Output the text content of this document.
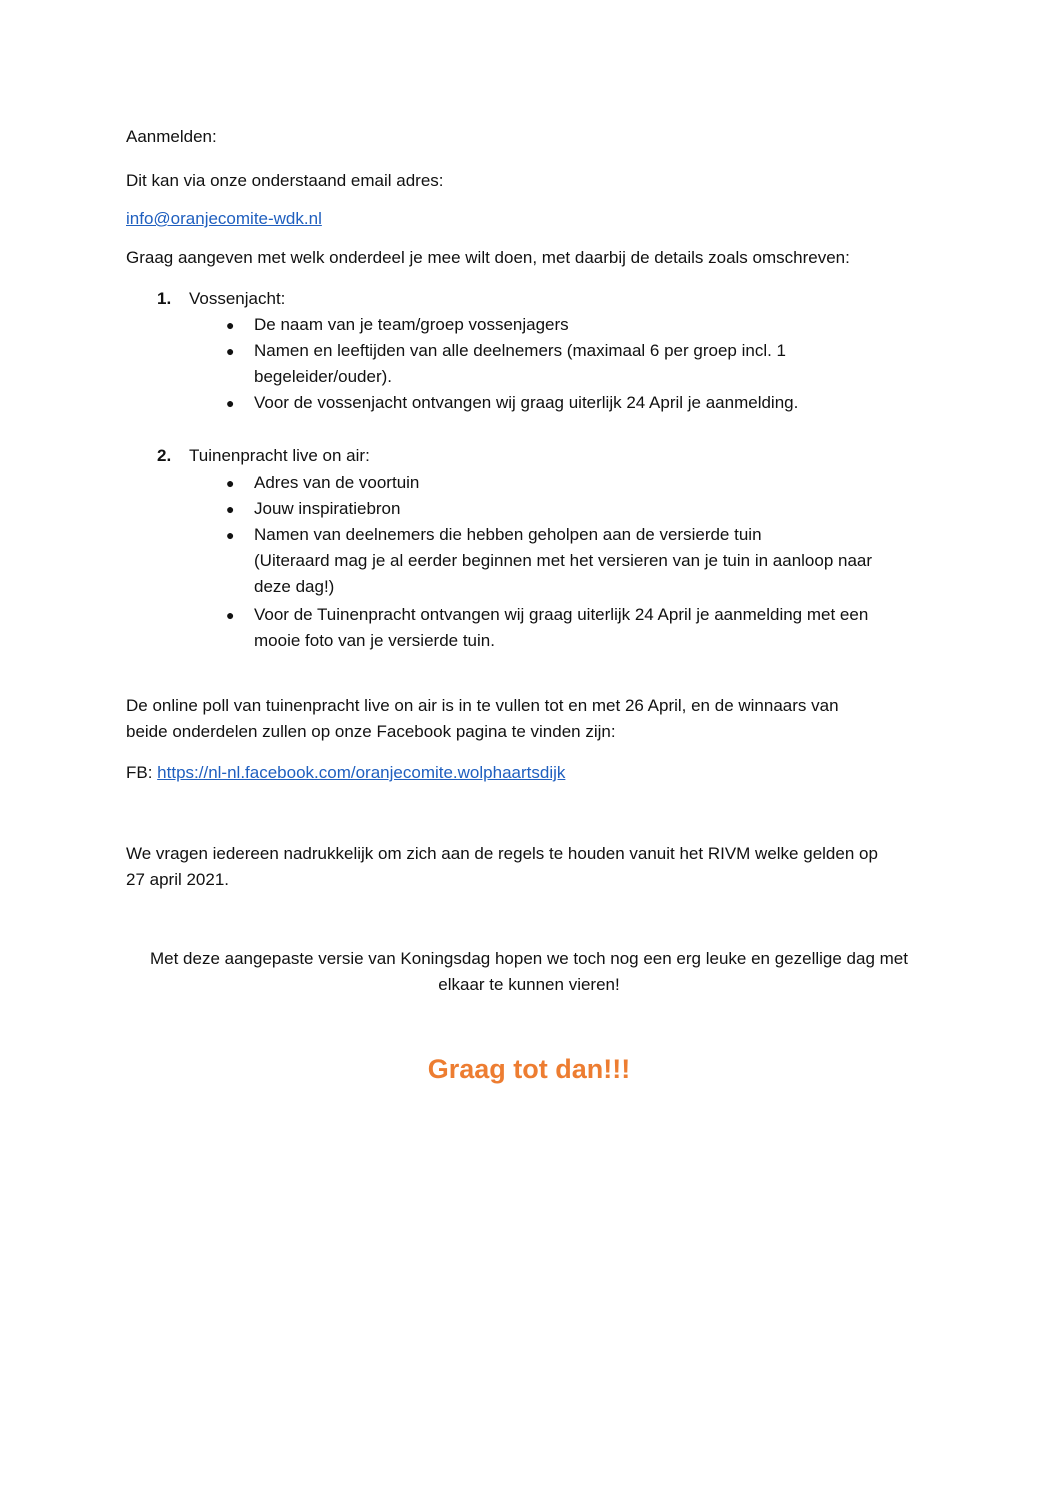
Aanmelden:
Dit kan via onze onderstaand email adres:
info@oranjecomite-wdk.nl
Graag aangeven met welk onderdeel je mee wilt doen, met daarbij de details zoals omschreven:
1. Vossenjacht:
● De naam van je team/groep vossenjagers
● Namen en leeftijden van alle deelnemers (maximaal 6 per groep incl. 1
begeleider/ouder).
● Voor de vossenjacht ontvangen wij graag uiterlijk 24 April je aanmelding.
2. Tuinenpracht live on air:
● Adres van de voortuin
● Jouw inspiratiebron
● Namen van deelnemers die hebben geholpen aan de versierde tuin
(Uiteraard mag je al eerder beginnen met het versieren van je tuin in aanloop naar
deze dag!)
● Voor de Tuinenpracht ontvangen wij graag uiterlijk 24 April je aanmelding met een
mooie foto van je versierde tuin.
De online poll van tuinenpracht live on air is in te vullen tot en met 26 April, en de winnaars van
beide onderdelen zullen op onze Facebook pagina te vinden zijn:
FB: https://nl-nl.facebook.com/oranjecomite.wolphaartsdijk
We vragen iedereen nadrukkelijk om zich aan de regels te houden vanuit het RIVM welke gelden op
27 april 2021.
Met deze aangepaste versie van Koningsdag hopen we toch nog een erg leuke en gezellige dag met
elkaar te kunnen vieren!
Graag tot dan!!!
